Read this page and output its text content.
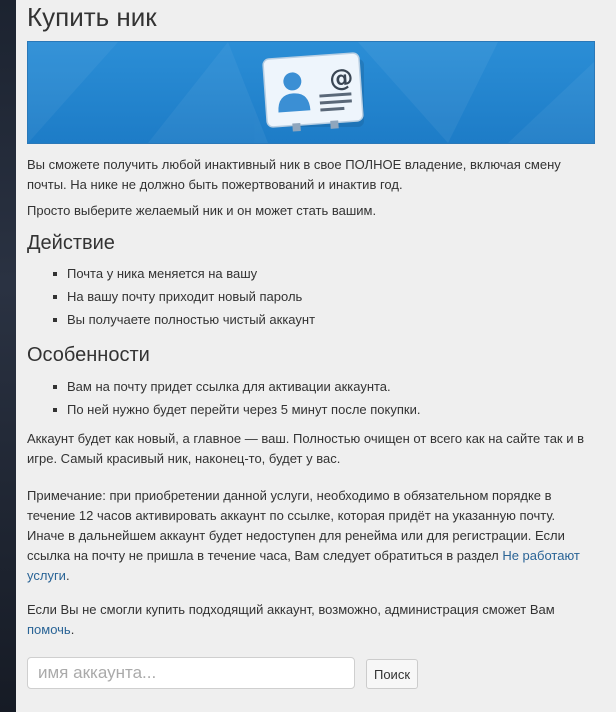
Купить ник
@
Вы сможете получить любой инактивный ник в свое ПОЛНОЕ владение, включая смену почты. На нике не должно быть пожертвований и инактив год.
Просто выберите желаемый ник и он может стать вашим.
Действие
Почта у ника меняется на вашу
На вашу почту приходит новый пароль
Вы получаете полностью чистый аккаунт
Особенности
Вам на почту придет ссылка для активации аккаунта.
По ней нужно будет перейти через 5 минут после покупки.
Аккаунт будет как новый, а главное — ваш. Полностью очищен от всего как на сайте так и в игре. Самый красивый ник, наконец-то, будет у вас.
Примечание: при приобретении данной услуги, необходимо в обязательном порядке в течение 12 часов активировать аккаунт по ссылке, которая придёт на указанную почту. Иначе в дальнейшем аккаунт будет недоступен для ренейма или для регистрации. Если ссылка на почту не пришла в течение часа, Вам следует обратиться в раздел Не работают услуги.
Если Вы не смогли купить подходящий аккаунт, возможно, администрация сможет Вам помочь.
имя аккаунта...
Поиск
